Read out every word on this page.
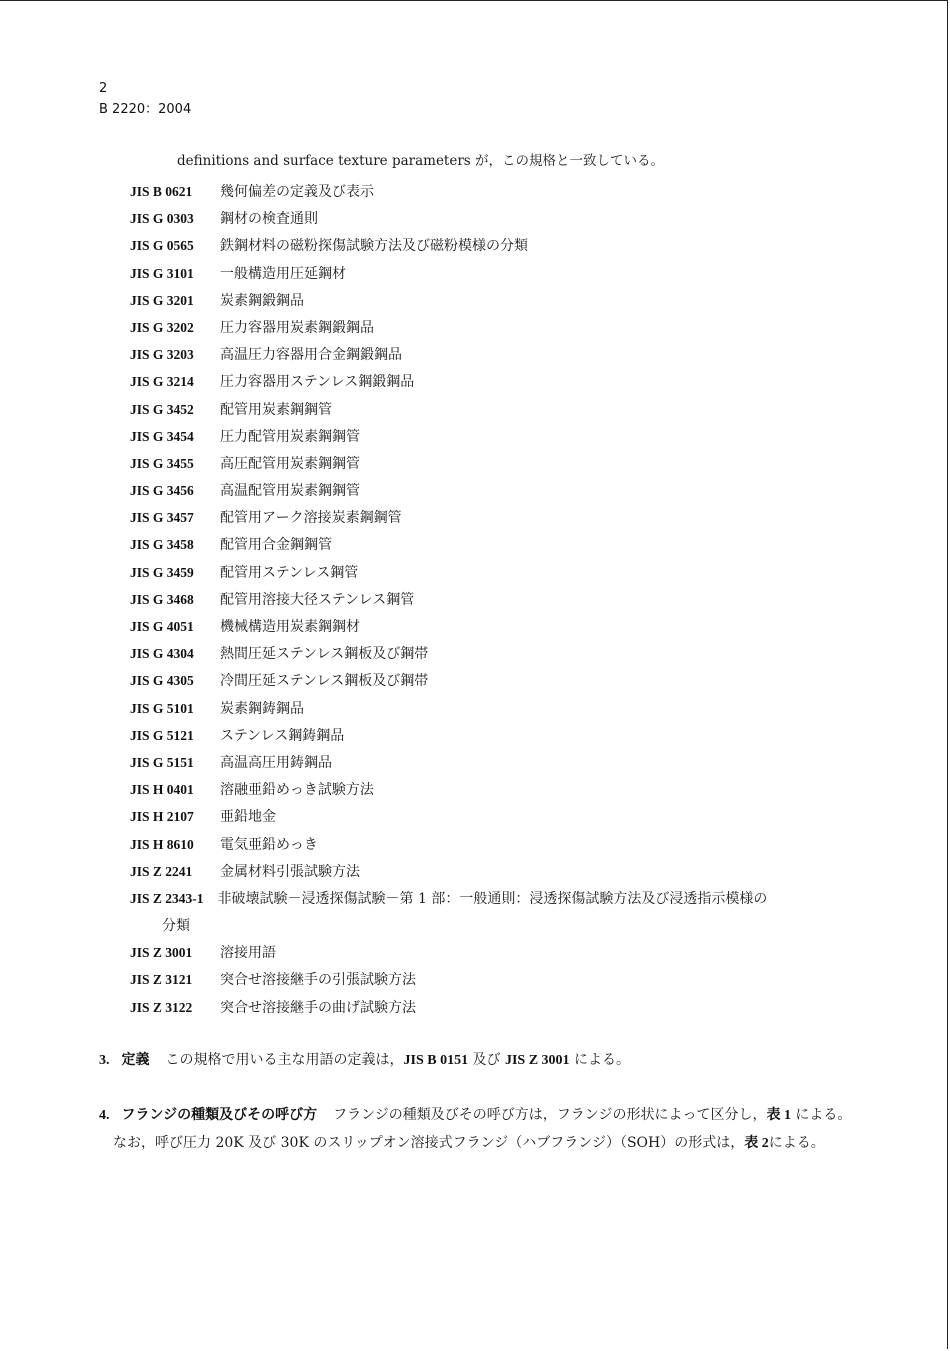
2
B 2220：2004
definitions and surface texture parameters が，この規格と一致している。
JIS B 0621	幾何偏差の定義及び表示
JIS G 0303	鋼材の検査通則
JIS G 0565	鉄鋼材料の磁粉探傷試験方法及び磁粉模様の分類
JIS G 3101	一般構造用圧延鋼材
JIS G 3201	炭素鋼鍛鋼品
JIS G 3202	圧力容器用炭素鋼鍛鋼品
JIS G 3203	高温圧力容器用合金鋼鍛鋼品
JIS G 3214	圧力容器用ステンレス鋼鍛鋼品
JIS G 3452	配管用炭素鋼鋼管
JIS G 3454	圧力配管用炭素鋼鋼管
JIS G 3455	高圧配管用炭素鋼鋼管
JIS G 3456	高温配管用炭素鋼鋼管
JIS G 3457	配管用アーク溶接炭素鋼鋼管
JIS G 3458	配管用合金鋼鋼管
JIS G 3459	配管用ステンレス鋼管
JIS G 3468	配管用溶接大径ステンレス鋼管
JIS G 4051	機械構造用炭素鋼鋼材
JIS G 4304	熱間圧延ステンレス鋼板及び鋼帯
JIS G 4305	冷間圧延ステンレス鋼板及び鋼帯
JIS G 5101	炭素鋼鋳鋼品
JIS G 5121	ステンレス鋼鋳鋼品
JIS G 5151	高温高圧用鋳鋼品
JIS H 0401	溶融亜鉛めっき試験方法
JIS H 2107	亜鉛地金
JIS H 8610	電気亜鉛めっき
JIS Z 2241	金属材料引張試験方法
JIS Z 2343-1 非破壊試験－浸透探傷試験－第 1 部：一般通則：浸透探傷試験方法及び浸透指示模様の
分類
JIS Z 3001	溶接用語
JIS Z 3121	突合せ溶接継手の引張試験方法
JIS Z 3122	突合せ溶接継手の曲げ試験方法

3. 定義 この規格で用いる主な用語の定義は，JIS B 0151 及び JIS Z 3001 による。

4. フランジの種類及びその呼び方 フランジの種類及びその呼び方は，フランジの形状によって区分し，表 1 による。

なお，呼び圧力 20K 及び 30K のスリップオン溶接式フランジ（ハブフランジ）（SOH）の形式は，表 2による。
